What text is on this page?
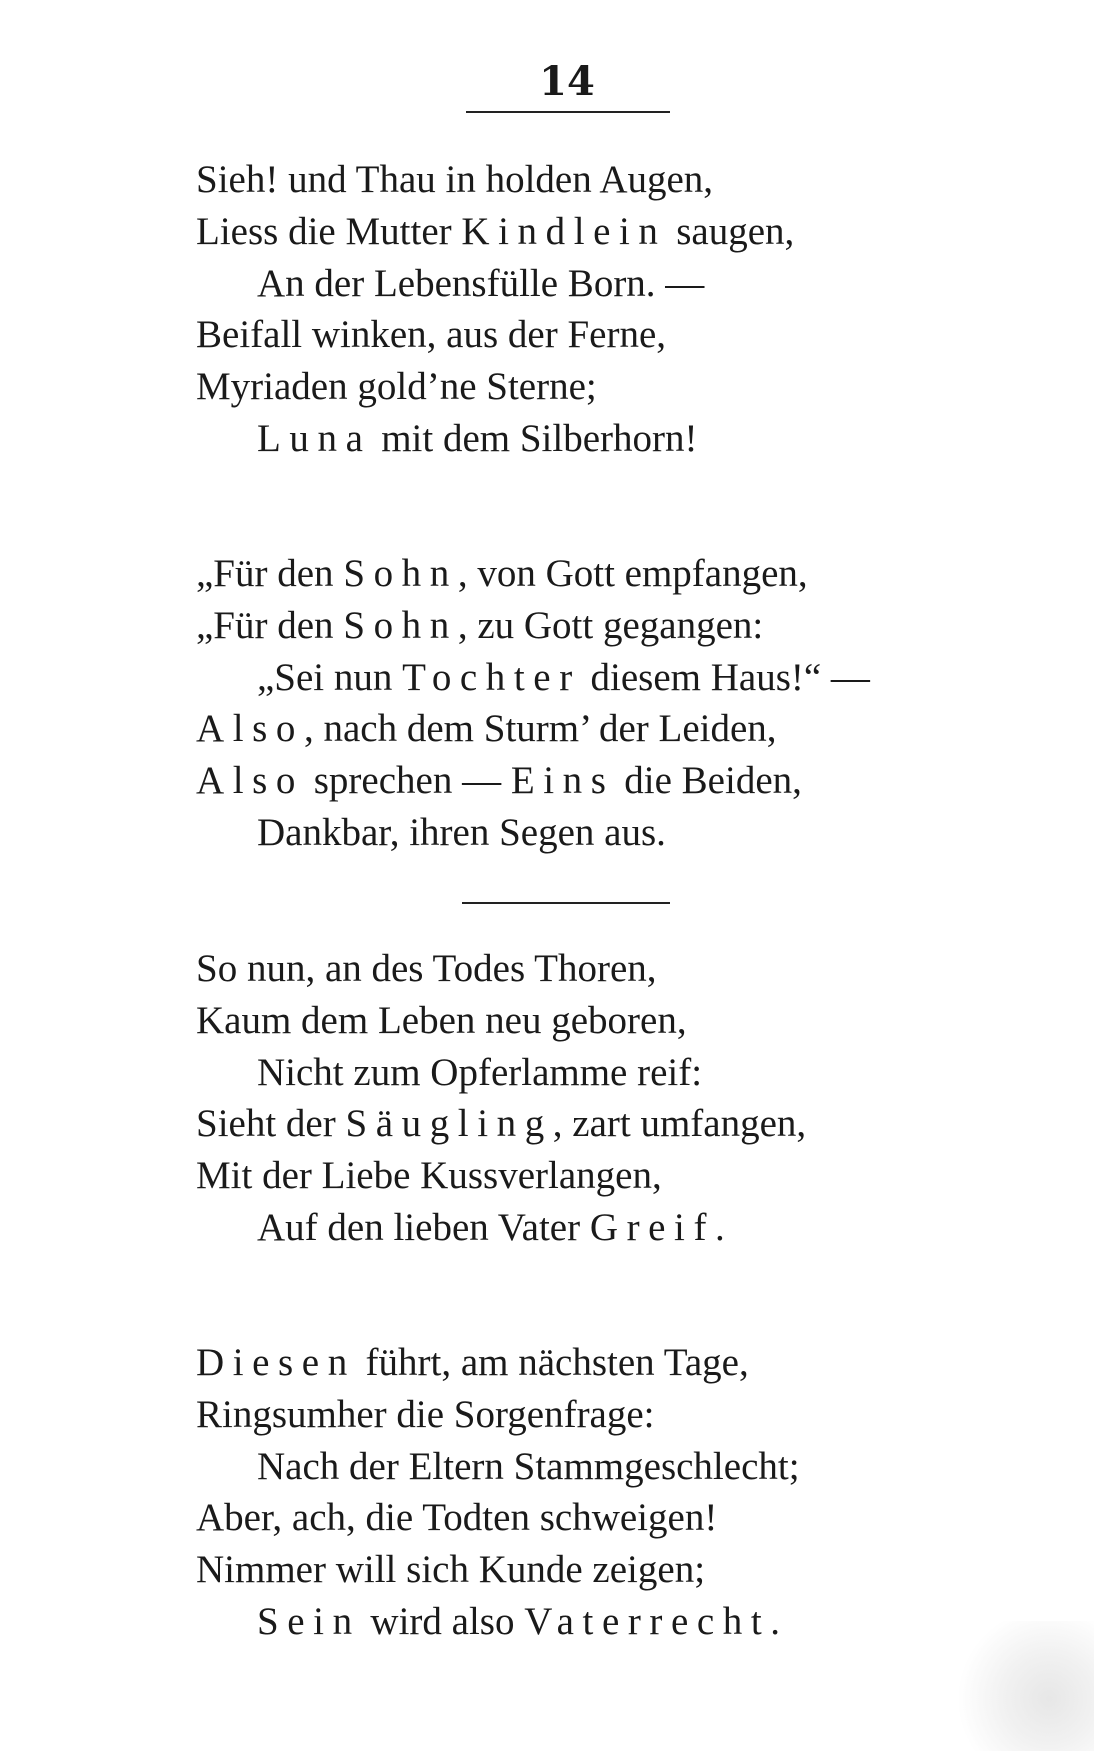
14
Sieh! und Thau in holden Augen,
Liess die Mutter Kindlein saugen,
An der Lebensfülle Born. —
Beifall winken, aus der Ferne,
Myriaden gold’ne Sterne;
Luna mit dem Silberhorn!
„Für den Sohn, von Gott empfangen,
„Für den Sohn, zu Gott gegangen:
„Sei nun Tochter diesem Haus!“ —
Also, nach dem Sturm’ der Leiden,
Also sprechen — Eins die Beiden,
Dankbar, ihren Segen aus.
So nun, an des Todes Thoren,
Kaum dem Leben neu geboren,
Nicht zum Opferlamme reif:
Sieht der Säugling, zart umfangen,
Mit der Liebe Kussverlangen,
Auf den lieben Vater Greif.
Diesen führt, am nächsten Tage,
Ringsumher die Sorgenfrage:
Nach der Eltern Stammgeschlecht;
Aber, ach, die Todten schweigen!
Nimmer will sich Kunde zeigen;
Sein wird also Vaterrecht.
